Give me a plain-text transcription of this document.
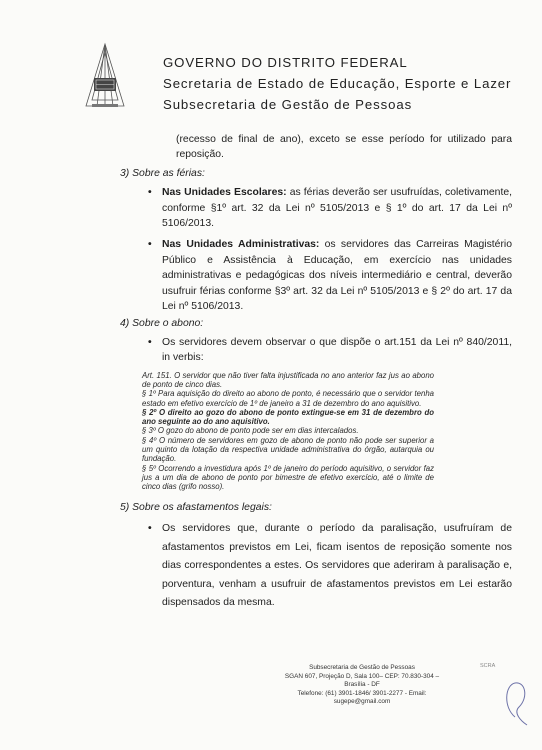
GOVERNO DO DISTRITO FEDERAL
Secretaria de Estado de Educação, Esporte e Lazer
Subsecretaria de Gestão de Pessoas

(recesso de final de ano), exceto se esse período for utilizado para reposição.

3) Sobre as férias:

• Nas Unidades Escolares: as férias deverão ser usufruídas, coletivamente, conforme §1º art. 32 da Lei nº 5105/2013 e § 1º do art. 17 da Lei nº 5106/2013.

• Nas Unidades Administrativas: os servidores das Carreiras Magistério Público e Assistência à Educação, em exercício nas unidades administrativas e pedagógicas dos níveis intermediário e central, deverão usufruir férias conforme §3º art. 32 da Lei nº 5105/2013 e § 2º do art. 17 da Lei nº 5106/2013.

4) Sobre o abono:

• Os servidores devem observar o que dispõe o art.151 da Lei nº 840/2011, in verbis:

Art. 151. O servidor que não tiver falta injustificada no ano anterior faz jus ao abono de ponto de cinco dias.
§ 1º Para aquisição do direito ao abono de ponto, é necessário que o servidor tenha estado em efetivo exercício de 1º de janeiro a 31 de dezembro do ano aquisitivo.
§ 2º O direito ao gozo do abono de ponto extingue-se em 31 de dezembro do ano seguinte ao do ano aquisitivo.
§ 3º O gozo do abono de ponto pode ser em dias intercalados.
§ 4º O número de servidores em gozo de abono de ponto não pode ser superior a um quinto da lotação da respectiva unidade administrativa do órgão, autarquia ou fundação.
§ 5º Ocorrendo a investidura após 1º de janeiro do período aquisitivo, o servidor faz jus a um dia de abono de ponto por bimestre de efetivo exercício, até o limite de cinco dias (grifo nosso).

5) Sobre os afastamentos legais:

• Os servidores que, durante o período da paralisação, usufruíram de afastamentos previstos em Lei, ficam isentos de reposição somente nos dias correspondentes a estes. Os servidores que aderiram à paralisação e, porventura, venham a usufruir de afastamentos previstos em Lei estarão dispensados da mesma.

Subsecretaria de Gestão de Pessoas
SGAN 607, Projeção D, Sala 100– CEP: 70.830-304 – Brasília - DF
Telefone: (61) 3901-1846/ 3901-2277 - Email: sugepe@gmail.com
SCRA
